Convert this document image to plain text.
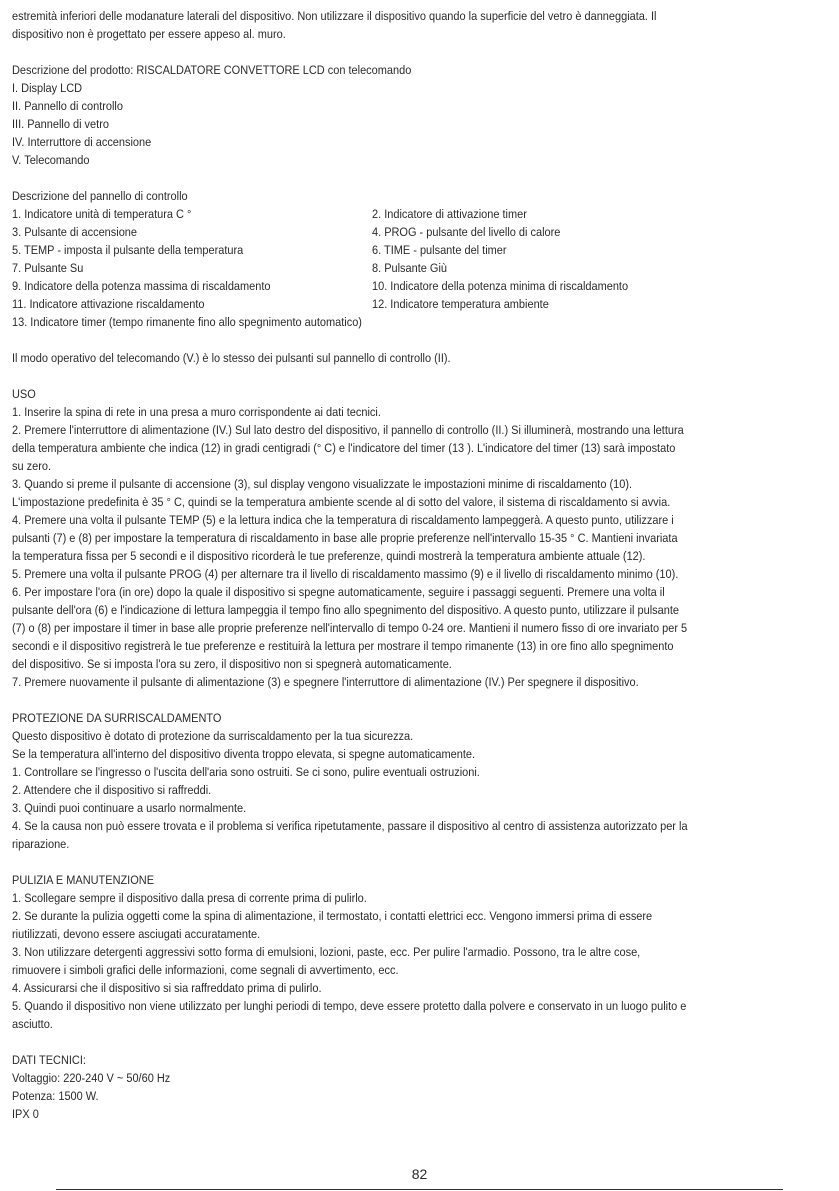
estremità inferiori delle modanature laterali del dispositivo. Non utilizzare il dispositivo quando la superficie del vetro è danneggiata. Il
dispositivo non è progettato per essere appeso al. muro.
Descrizione del prodotto: RISCALDATORE CONVETTORE LCD con telecomando
I. Display LCD
II. Pannello di controllo
III. Pannello di vetro
IV. Interruttore di accensione
V. Telecomando
Descrizione del pannello di controllo
1. Indicatore unità di temperatura C °	2. Indicatore di attivazione timer
3. Pulsante di accensione	4. PROG - pulsante del livello di calore
5. TEMP - imposta il pulsante della temperatura	6. TIME - pulsante del timer
7. Pulsante Su	8. Pulsante Giù
9. Indicatore della potenza massima di riscaldamento	10. Indicatore della potenza minima di riscaldamento
11. Indicatore attivazione riscaldamento	12. Indicatore temperatura ambiente
13. Indicatore timer (tempo rimanente fino allo spegnimento automatico)
Il modo operativo del telecomando (V.) è lo stesso dei pulsanti sul pannello di controllo (II).
USO
1. Inserire la spina di rete in una presa a muro corrispondente ai dati tecnici.
2. Premere l'interruttore di alimentazione (IV.) Sul lato destro del dispositivo, il pannello di controllo (II.) Si illuminerà, mostrando una lettura
della temperatura ambiente che indica (12) in gradi centigradi (° C) e l'indicatore del timer (13 ). L'indicatore del timer (13) sarà impostato
su zero.
3. Quando si preme il pulsante di accensione (3), sul display vengono visualizzate le impostazioni minime di riscaldamento (10).
L'impostazione predefinita è 35 ° C, quindi se la temperatura ambiente scende al di sotto del valore, il sistema di riscaldamento si avvia.
4. Premere una volta il pulsante TEMP (5) e la lettura indica che la temperatura di riscaldamento lampeggerà. A questo punto, utilizzare i
pulsanti (7) e (8) per impostare la temperatura di riscaldamento in base alle proprie preferenze nell'intervallo 15-35 ° C. Mantieni invariata
la temperatura fissa per 5 secondi e il dispositivo ricorderà le tue preferenze, quindi mostrerà la temperatura ambiente attuale (12).
5. Premere una volta il pulsante PROG (4) per alternare tra il livello di riscaldamento massimo (9) e il livello di riscaldamento minimo (10).
6. Per impostare l'ora (in ore) dopo la quale il dispositivo si spegne automaticamente, seguire i passaggi seguenti. Premere una volta il
pulsante dell'ora (6) e l'indicazione di lettura lampeggia il tempo fino allo spegnimento del dispositivo. A questo punto, utilizzare il pulsante
(7) o (8) per impostare il timer in base alle proprie preferenze nell'intervallo di tempo 0-24 ore. Mantieni il numero fisso di ore invariato per 5
secondi e il dispositivo registrerà le tue preferenze e restituirà la lettura per mostrare il tempo rimanente (13) in ore fino allo spegnimento
del dispositivo. Se si imposta l'ora su zero, il dispositivo non si spegnerà automaticamente.
7. Premere nuovamente il pulsante di alimentazione (3) e spegnere l'interruttore di alimentazione (IV.) Per spegnere il dispositivo.
PROTEZIONE DA SURRISCALDAMENTO
Questo dispositivo è dotato di protezione da surriscaldamento per la tua sicurezza.
Se la temperatura all'interno del dispositivo diventa troppo elevata, si spegne automaticamente.
1. Controllare se l'ingresso o l'uscita dell'aria sono ostruiti. Se ci sono, pulire eventuali ostruzioni.
2. Attendere che il dispositivo si raffreddi.
3. Quindi puoi continuare a usarlo normalmente.
4. Se la causa non può essere trovata e il problema si verifica ripetutamente, passare il dispositivo al centro di assistenza autorizzato per la
riparazione.
PULIZIA E MANUTENZIONE
1. Scollegare sempre il dispositivo dalla presa di corrente prima di pulirlo.
2. Se durante la pulizia oggetti come la spina di alimentazione, il termostato, i contatti elettrici ecc. Vengono immersi prima di essere
riutilizzati, devono essere asciugati accuratamente.
3. Non utilizzare detergenti aggressivi sotto forma di emulsioni, lozioni, paste, ecc. Per pulire l'armadio. Possono, tra le altre cose,
rimuovere i simboli grafici delle informazioni, come segnali di avvertimento, ecc.
4. Assicurarsi che il dispositivo si sia raffreddato prima di pulirlo.
5. Quando il dispositivo non viene utilizzato per lunghi periodi di tempo, deve essere protetto dalla polvere e conservato in un luogo pulito e
asciutto.
DATI TECNICI:
Voltaggio: 220-240 V ~ 50/60 Hz
Potenza: 1500 W.
IPX 0
82
